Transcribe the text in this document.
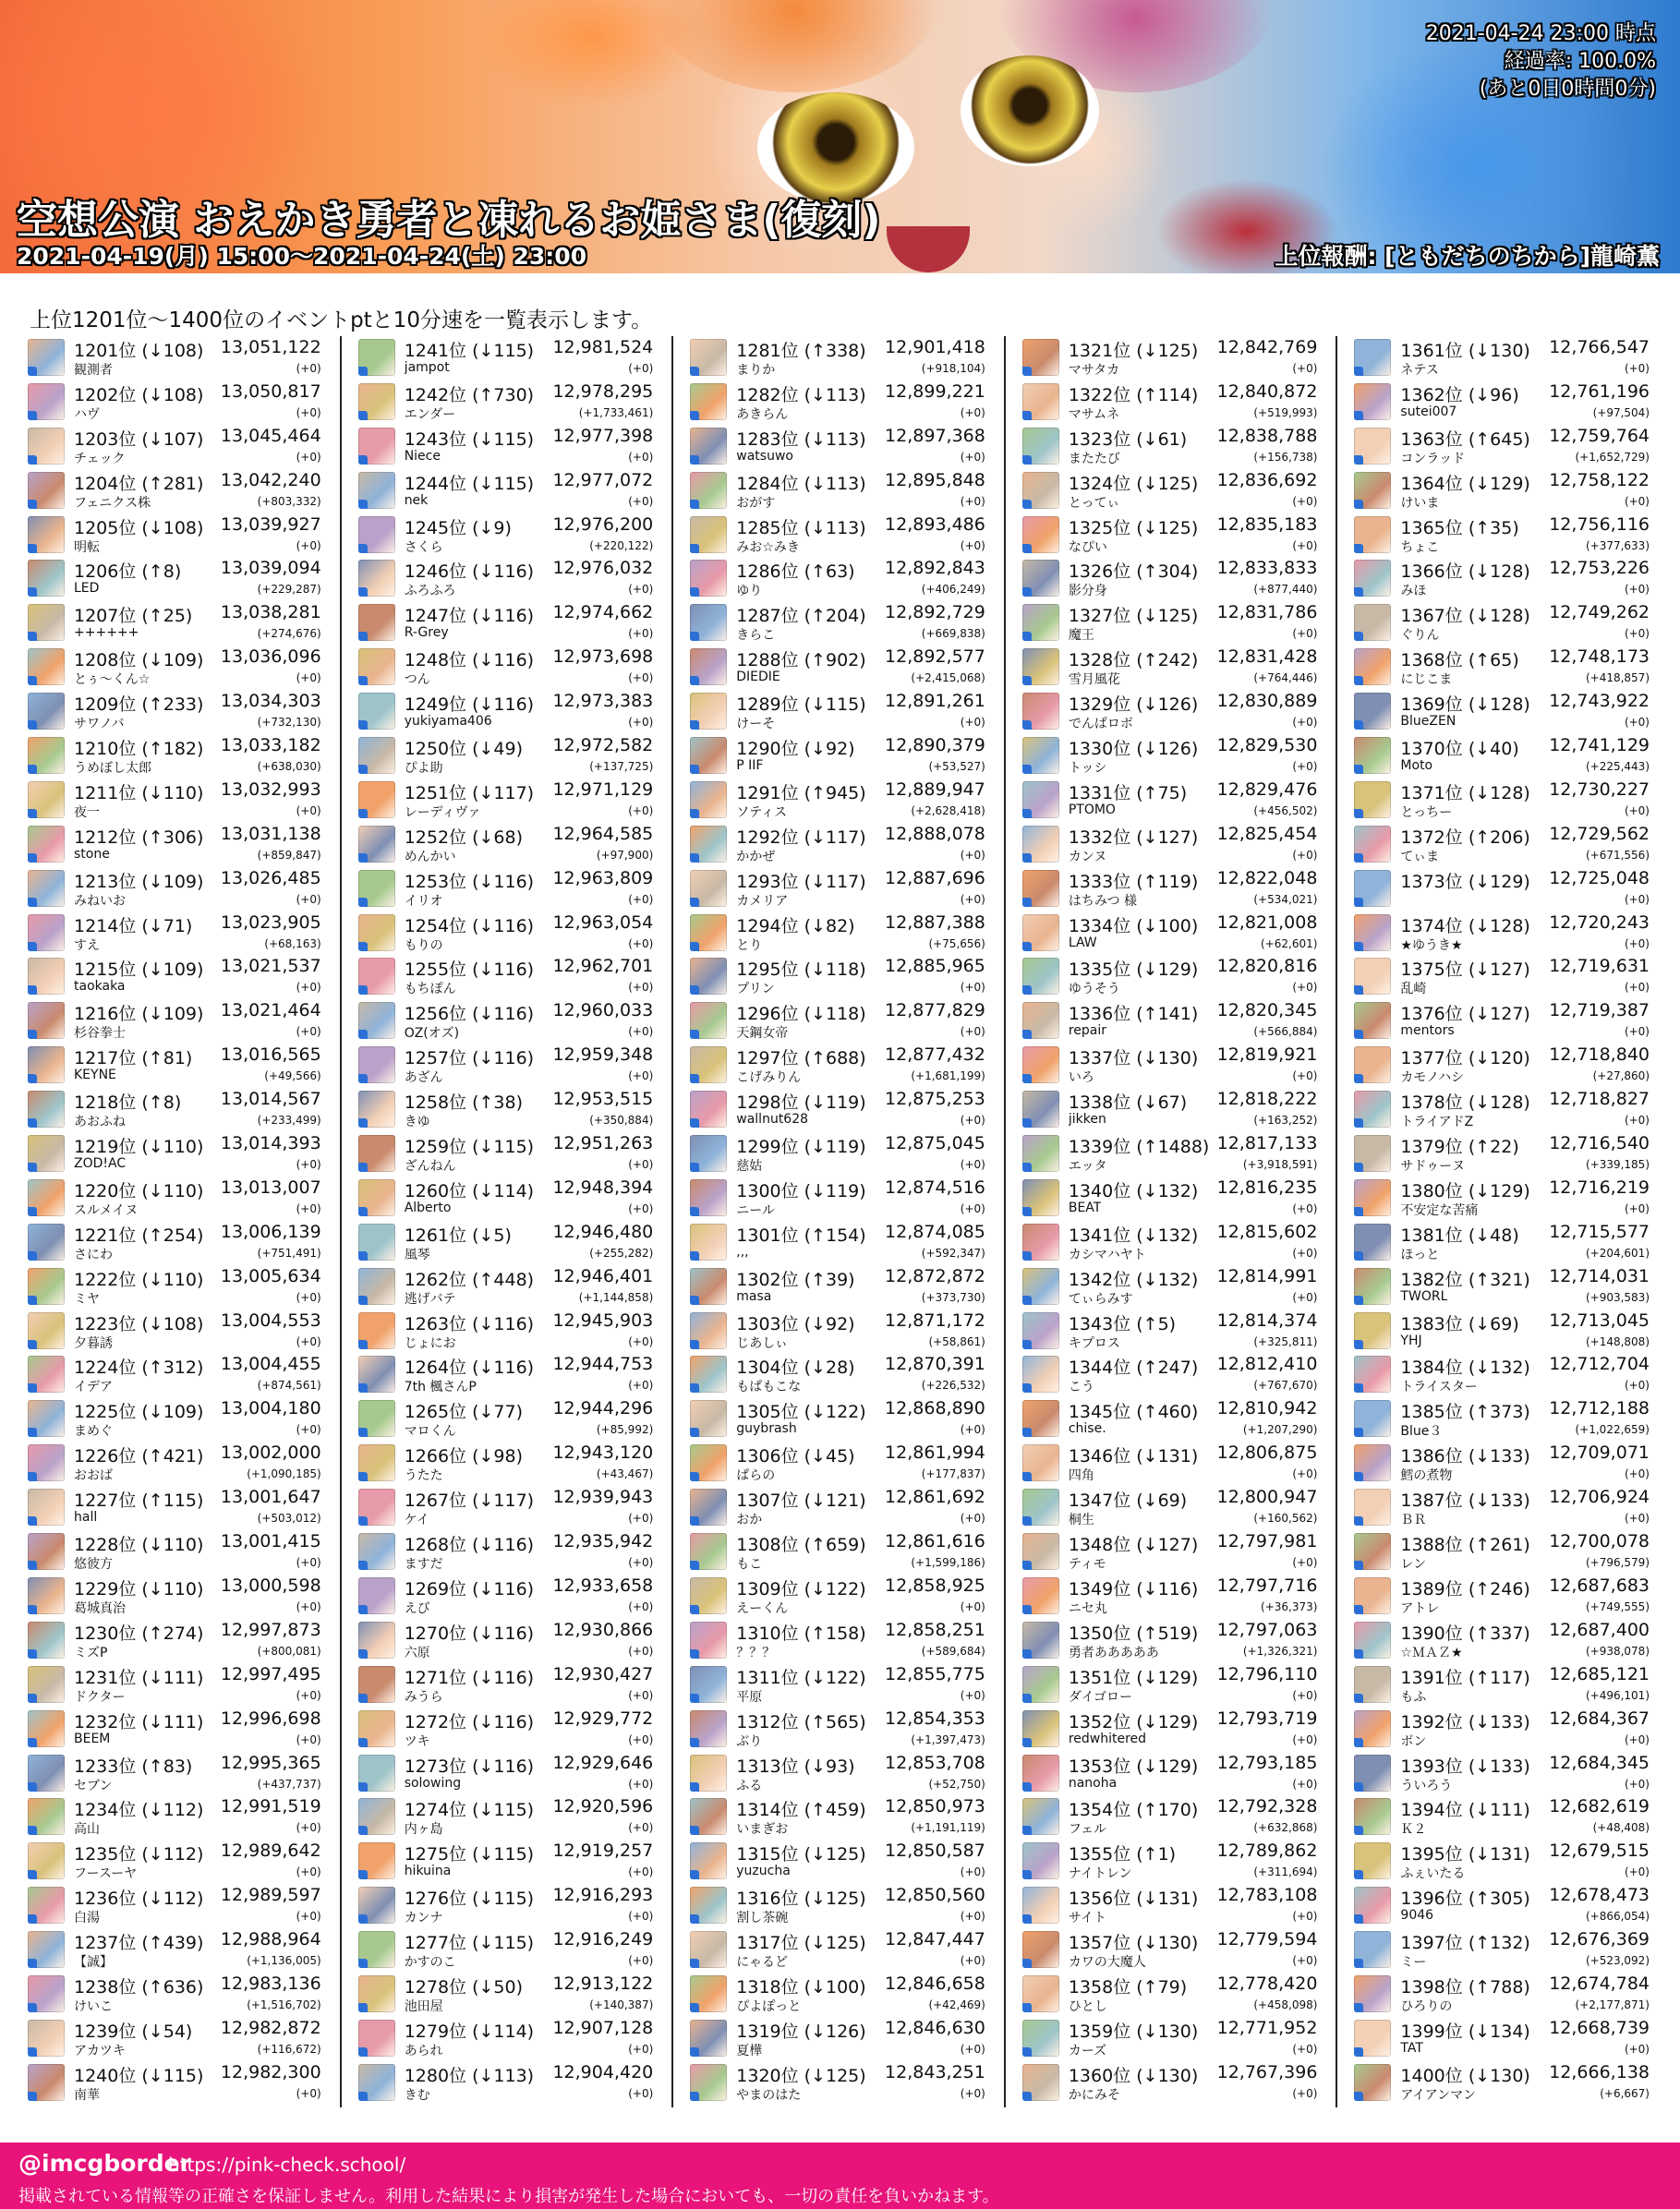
2021-04-24 23:00 時点
経過率: 100.0%
(あと0日0時間0分)
空想公演 おえかき勇者と凍れるお姫さま(復刻)
2021-04-19(月) 15:00～2021-04-24(土) 23:00	上位報酬: [ともだちのちから]龍崎薫
上位1201位～1400位のイベントptと10分速を一覧表示します。
1201位 (↓108) 13,051,122
観測者	(+0)
1202位 (↓108) 13,050,817
ハヴ	(+0)
1203位 (↓107) 13,045,464
チェック	(+0)
1204位 (↑281) 13,042,240
フェニクス株	(+803,332)
1205位 (↓108) 13,039,927
明転	(+0)
1206位 (↑8) 13,039,094
LED	(+229,287)
1207位 (↑25) 13,038,281
++++++	(+274,676)
1208位 (↓109) 13,036,096
とぅ〜くん☆	(+0)
1209位 (↑233) 13,034,303
サワノバ	(+732,130)
1210位 (↑182) 13,033,182
うめぼし太郎	(+638,030)
1211位 (↓110) 13,032,993
夜一	(+0)
1212位 (↑306) 13,031,138
stone	(+859,847)
1213位 (↓109) 13,026,485
みねいお	(+0)
1214位 (↓71) 13,023,905
すえ	(+68,163)
1215位 (↓109) 13,021,537
taokaka	(+0)
1216位 (↓109) 13,021,464
杉谷拳士	(+0)
1217位 (↑81) 13,016,565
KEYNE	(+49,566)
1218位 (↑8) 13,014,567
あおふね	(+233,499)
1219位 (↓110) 13,014,393
ZOD!AC	(+0)
1220位 (↓110) 13,013,007
スルメイヌ	(+0)
1221位 (↑254) 13,006,139
さにわ	(+751,491)
1222位 (↓110) 13,005,634
ミヤ	(+0)
1223位 (↓108) 13,004,553
夕暮誘	(+0)
1224位 (↑312) 13,004,455
イデア	(+874,561)
1225位 (↓109) 13,004,180
まめぐ	(+0)
1226位 (↑421) 13,002,000
おおば	(+1,090,185)
1227位 (↑115) 13,001,647
hall	(+503,012)
1228位 (↓110) 13,001,415
悠彼方	(+0)
1229位 (↓110) 13,000,598
葛城真治	(+0)
1230位 (↑274) 12,997,873
ミズP	(+800,081)
1231位 (↓111) 12,997,495
ドクター	(+0)
1232位 (↓111) 12,996,698
BEEM	(+0)
1233位 (↑83) 12,995,365
セブン	(+437,737)
1234位 (↓112) 12,991,519
高山	(+0)
1235位 (↓112) 12,989,642
フースーヤ	(+0)
1236位 (↓112) 12,989,597
白湯	(+0)
1237位 (↑439) 12,988,964
【誠】	(+1,136,005)
1238位 (↑636) 12,983,136
けいこ	(+1,516,702)
1239位 (↓54) 12,982,872
アカツキ	(+116,672)
1240位 (↓115) 12,982,300
南華	(+0)
1241位 (↓115) 12,981,524
jampot	(+0)
1242位 (↑730) 12,978,295
エンダー	(+1,733,461)
1243位 (↓115) 12,977,398
Niece	(+0)
1244位 (↓115) 12,977,072
nek	(+0)
1245位 (↓9) 12,976,200
さくら	(+220,122)
1246位 (↓116) 12,976,032
ふろふろ	(+0)
1247位 (↓116) 12,974,662
R-Grey	(+0)
1248位 (↓116) 12,973,698
つん	(+0)
1249位 (↓116) 12,973,383
yukiyama406	(+0)
1250位 (↓49) 12,972,582
ぴよ助	(+137,725)
1251位 (↓117) 12,971,129
レーディヴァ	(+0)
1252位 (↓68) 12,964,585
めんかい	(+97,900)
1253位 (↓116) 12,963,809
イリオ	(+0)
1254位 (↓116) 12,963,054
もりの	(+0)
1255位 (↓116) 12,962,701
もちぽん	(+0)
1256位 (↓116) 12,960,033
OZ(オズ)	(+0)
1257位 (↓116) 12,959,348
あざん	(+0)
1258位 (↑38) 12,953,515
きゆ	(+350,884)
1259位 (↓115) 12,951,263
ざんねん	(+0)
1260位 (↓114) 12,948,394
Alberto	(+0)
1261位 (↓5) 12,946,480
風琴	(+255,282)
1262位 (↑448) 12,946,401
逃げバテ	(+1,144,858)
1263位 (↓116) 12,945,903
じょにお	(+0)
1264位 (↓116) 12,944,753
7th 楓さんP	(+0)
1265位 (↓77) 12,944,296
マロくん	(+85,992)
1266位 (↓98) 12,943,120
うたた	(+43,467)
1267位 (↓117) 12,939,943
ケイ	(+0)
1268位 (↓116) 12,935,942
ますだ	(+0)
1269位 (↓116) 12,933,658
えび	(+0)
1270位 (↓116) 12,930,866
六原	(+0)
1271位 (↓116) 12,930,427
みうら	(+0)
1272位 (↓116) 12,929,772
ツキ	(+0)
1273位 (↓116) 12,929,646
solowing	(+0)
1274位 (↓115) 12,920,596
内ヶ島	(+0)
1275位 (↓115) 12,919,257
hikuina	(+0)
1276位 (↓115) 12,916,293
カンナ	(+0)
1277位 (↓115) 12,916,249
かすのこ	(+0)
1278位 (↓50) 12,913,122
池田屋	(+140,387)
1279位 (↓114) 12,907,128
あられ	(+0)
1280位 (↓113) 12,904,420
きむ	(+0)
1281位 (↑338) 12,901,418
まりか	(+918,104)
1282位 (↓113) 12,899,221
あきらん	(+0)
1283位 (↓113) 12,897,368
watsuwo	(+0)
1284位 (↓113) 12,895,848
おがす	(+0)
1285位 (↓113) 12,893,486
みお☆みき	(+0)
1286位 (↑63) 12,892,843
ゆり	(+406,249)
1287位 (↑204) 12,892,729
きらこ	(+669,838)
1288位 (↑902) 12,892,577
DIEDIE	(+2,415,068)
1289位 (↓115) 12,891,261
けーそ	(+0)
1290位 (↓92) 12,890,379
P IIF	(+53,527)
1291位 (↑945) 12,889,947
ソティス	(+2,628,418)
1292位 (↓117) 12,888,078
かかぜ	(+0)
1293位 (↓117) 12,887,696
カメリア	(+0)
1294位 (↓82) 12,887,388
とり	(+75,656)
1295位 (↓118) 12,885,965
プリン	(+0)
1296位 (↓118) 12,877,829
天鋼女帝	(+0)
1297位 (↑688) 12,877,432
こげみりん	(+1,681,199)
1298位 (↓119) 12,875,253
wallnut628	(+0)
1299位 (↓119) 12,875,045
慈姑	(+0)
1300位 (↓119) 12,874,516
ニール	(+0)
1301位 (↑154) 12,874,085
,,,	(+592,347)
1302位 (↑39) 12,872,872
masa	(+373,730)
1303位 (↓92) 12,871,172
じあしぃ	(+58,861)
1304位 (↓28) 12,870,391
もぱもこな	(+226,532)
1305位 (↓122) 12,868,890
guybrash	(+0)
1306位 (↓45) 12,861,994
ぱらの	(+177,837)
1307位 (↓121) 12,861,692
おか	(+0)
1308位 (↑659) 12,861,616
もこ	(+1,599,186)
1309位 (↓122) 12,858,925
えーくん	(+0)
1310位 (↑158) 12,858,251
？？？	(+589,684)
1311位 (↓122) 12,855,775
平原	(+0)
1312位 (↑565) 12,854,353
ぶり	(+1,397,473)
1313位 (↓93) 12,853,708
ふる	(+52,750)
1314位 (↑459) 12,850,973
いまぎお	(+1,191,119)
1315位 (↓125) 12,850,587
yuzucha	(+0)
1316位 (↓125) 12,850,560
割し茶碗	(+0)
1317位 (↓125) 12,847,447
にゃるど	(+0)
1318位 (↓100) 12,846,658
ぴよぽっと	(+42,469)
1319位 (↓126) 12,846,630
夏樺	(+0)
1320位 (↓125) 12,843,251
やまのはた	(+0)
1321位 (↓125) 12,842,769
マサタカ	(+0)
1322位 (↑114) 12,840,872
マサムネ	(+519,993)
1323位 (↓61) 12,838,788
またたび	(+156,738)
1324位 (↓125) 12,836,692
とってぃ	(+0)
1325位 (↓125) 12,835,183
なぴい	(+0)
1326位 (↑304) 12,833,833
影分身	(+877,440)
1327位 (↓125) 12,831,786
魔王	(+0)
1328位 (↑242) 12,831,428
雪月風花	(+764,446)
1329位 (↓126) 12,830,889
でんぱロボ	(+0)
1330位 (↓126) 12,829,530
トッシ	(+0)
1331位 (↑75) 12,829,476
PTOMO	(+456,502)
1332位 (↓127) 12,825,454
カンヌ	(+0)
1333位 (↑119) 12,822,048
はちみつ 様	(+534,021)
1334位 (↓100) 12,821,008
LAW	(+62,601)
1335位 (↓129) 12,820,816
ゆうそう	(+0)
1336位 (↑141) 12,820,345
repair	(+566,884)
1337位 (↓130) 12,819,921
いろ	(+0)
1338位 (↓67) 12,818,222
jikken	(+163,252)
1339位 (↑1488) 12,817,133
エッタ	(+3,918,591)
1340位 (↓132) 12,816,235
BEAT	(+0)
1341位 (↓132) 12,815,602
カシマハヤト	(+0)
1342位 (↓132) 12,814,991
てぃらみす	(+0)
1343位 (↑5) 12,814,374
キプロス	(+325,811)
1344位 (↑247) 12,812,410
こう	(+767,670)
1345位 (↑460) 12,810,942
chise.	(+1,207,290)
1346位 (↓131) 12,806,875
四角	(+0)
1347位 (↓69) 12,800,947
桐生	(+160,562)
1348位 (↓127) 12,797,981
ティモ	(+0)
1349位 (↓116) 12,797,716
ニセ丸	(+36,373)
1350位 (↑519) 12,797,063
勇者あああああ	(+1,326,321)
1351位 (↓129) 12,796,110
ダイゴロー	(+0)
1352位 (↓129) 12,793,719
redwhitered	(+0)
1353位 (↓129) 12,793,185
nanoha	(+0)
1354位 (↑170) 12,792,328
フェル	(+632,868)
1355位 (↑1) 12,789,862
ナイトレン	(+311,694)
1356位 (↓131) 12,783,108
サイト	(+0)
1357位 (↓130) 12,779,594
カワの大魔人	(+0)
1358位 (↑79) 12,778,420
ひとし	(+458,098)
1359位 (↓130) 12,771,952
カーズ	(+0)
1360位 (↓130) 12,767,396
かにみそ	(+0)
1361位 (↓130) 12,766,547
ネテス	(+0)
1362位 (↓96) 12,761,196
sutei007	(+97,504)
1363位 (↑645) 12,759,764
コンラッド	(+1,652,729)
1364位 (↓129) 12,758,122
けいま	(+0)
1365位 (↑35) 12,756,116
ちょこ	(+377,633)
1366位 (↓128) 12,753,226
みほ	(+0)
1367位 (↓128) 12,749,262
ぐりん	(+0)
1368位 (↑65) 12,748,173
にじこま	(+418,857)
1369位 (↓128) 12,743,922
BlueZEN	(+0)
1370位 (↓40) 12,741,129
Moto	(+225,443)
1371位 (↓128) 12,730,227
とっちー	(+0)
1372位 (↑206) 12,729,562
てぃま	(+671,556)
1373位 (↓129) 12,725,048
(+0)
1374位 (↓128) 12,720,243
★ゆうき★	(+0)
1375位 (↓127) 12,719,631
乱崎	(+0)
1376位 (↓127) 12,719,387
mentors	(+0)
1377位 (↓120) 12,718,840
カモノハシ	(+27,860)
1378位 (↓128) 12,718,827
トライアドZ	(+0)
1379位 (↑22) 12,716,540
サドゥーヌ	(+339,185)
1380位 (↓129) 12,716,219
不安定な苦痛	(+0)
1381位 (↓48) 12,715,577
ほっと	(+204,601)
1382位 (↑321) 12,714,031
TWORL	(+903,583)
1383位 (↓69) 12,713,045
YHJ	(+148,808)
1384位 (↓132) 12,712,704
トライスター	(+0)
1385位 (↑373) 12,712,188
Blue３	(+1,022,659)
1386位 (↓133) 12,709,071
鱈の煮物	(+0)
1387位 (↓133) 12,706,924
ＢＲ	(+0)
1388位 (↑261) 12,700,078
レン	(+796,579)
1389位 (↑246) 12,687,683
アトレ	(+749,555)
1390位 (↑337) 12,687,400
☆ＭＡＺ★	(+938,078)
1391位 (↑117) 12,685,121
もふ	(+496,101)
1392位 (↓133) 12,684,367
ボン	(+0)
1393位 (↓133) 12,684,345
ういろう	(+0)
1394位 (↓111) 12,682,619
Ｋ２	(+48,408)
1395位 (↓131) 12,679,515
ふぇいたる	(+0)
1396位 (↑305) 12,678,473
9046	(+866,054)
1397位 (↑132) 12,676,369
ミー	(+523,092)
1398位 (↑788) 12,674,784
ひろりの	(+2,177,871)
1399位 (↓134) 12,668,739
TAT	(+0)
1400位 (↓130) 12,666,138
アイアンマン	(+6,667)
@imcgborder
https://pink-check.school/
掲載されている情報等の正確さを保証しません。利用した結果により損害が発生した場合においても、一切の責任を負いかねます。
